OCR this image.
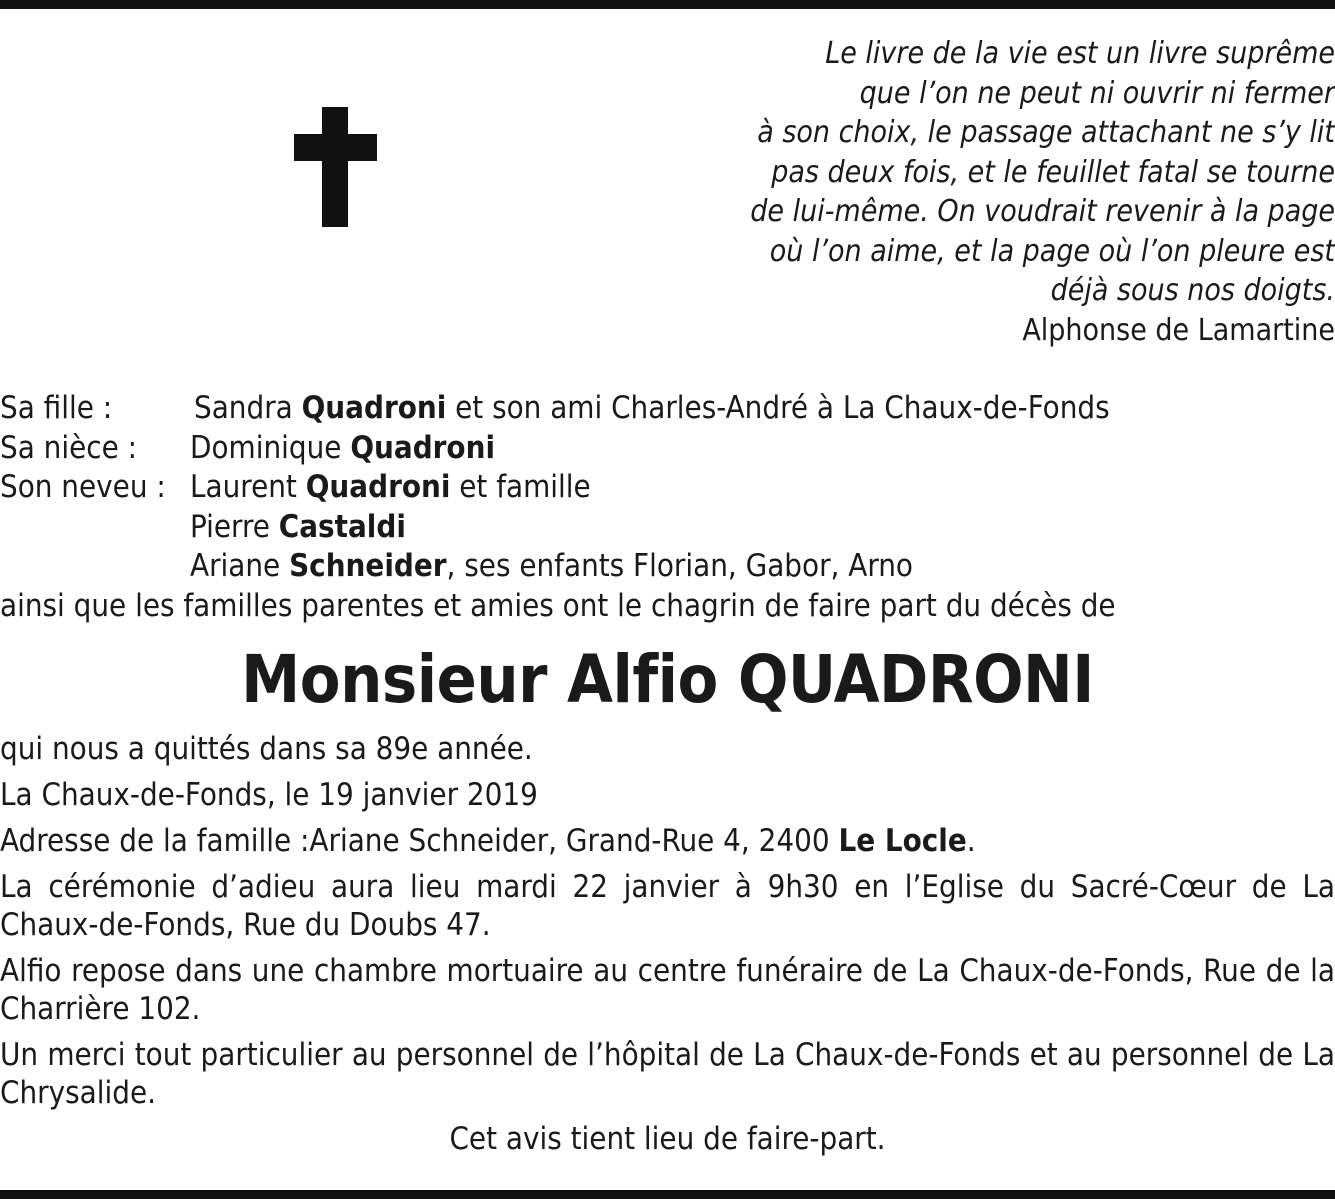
Le livre de la vie est un livre suprême
que l’on ne peut ni ouvrir ni fermer
à son choix, le passage attachant ne s’y lit
pas deux fois, et le feuillet fatal se tourne
de lui-même. On voudrait revenir à la page
où l’on aime, et la page où l’on pleure est
déjà sous nos doigts.
Alphonse de Lamartine
Sa fille :	Sandra Quadroni et son ami Charles-André à La Chaux-de-Fonds
Sa nièce :	Dominique Quadroni
Son neveu : Laurent Quadroni et famille
Pierre Castaldi
Ariane Schneider, ses enfants Florian, Gabor, Arno
ainsi que les familles parentes et amies ont le chagrin de faire part du décès de
Monsieur Alfio QUADRONI

qui nous a quittés dans sa 89e année.

La Chaux-de-Fonds, le 19 janvier 2019

Adresse de la famille :Ariane Schneider, Grand-Rue 4, 2400 Le Locle.

La cérémonie d’adieu aura lieu mardi 22 janvier à 9h30 en l’Eglise du Sacré-Cœur de La Chaux-de-Fonds, Rue du Doubs 47.

Alfio repose dans une chambre mortuaire au centre funéraire de La Chaux-de-Fonds, Rue de la Charrière 102.

Un merci tout particulier au personnel de l’hôpital de La Chaux-de-Fonds et au personnel de La Chrysalide.

Cet avis tient lieu de faire-part.
